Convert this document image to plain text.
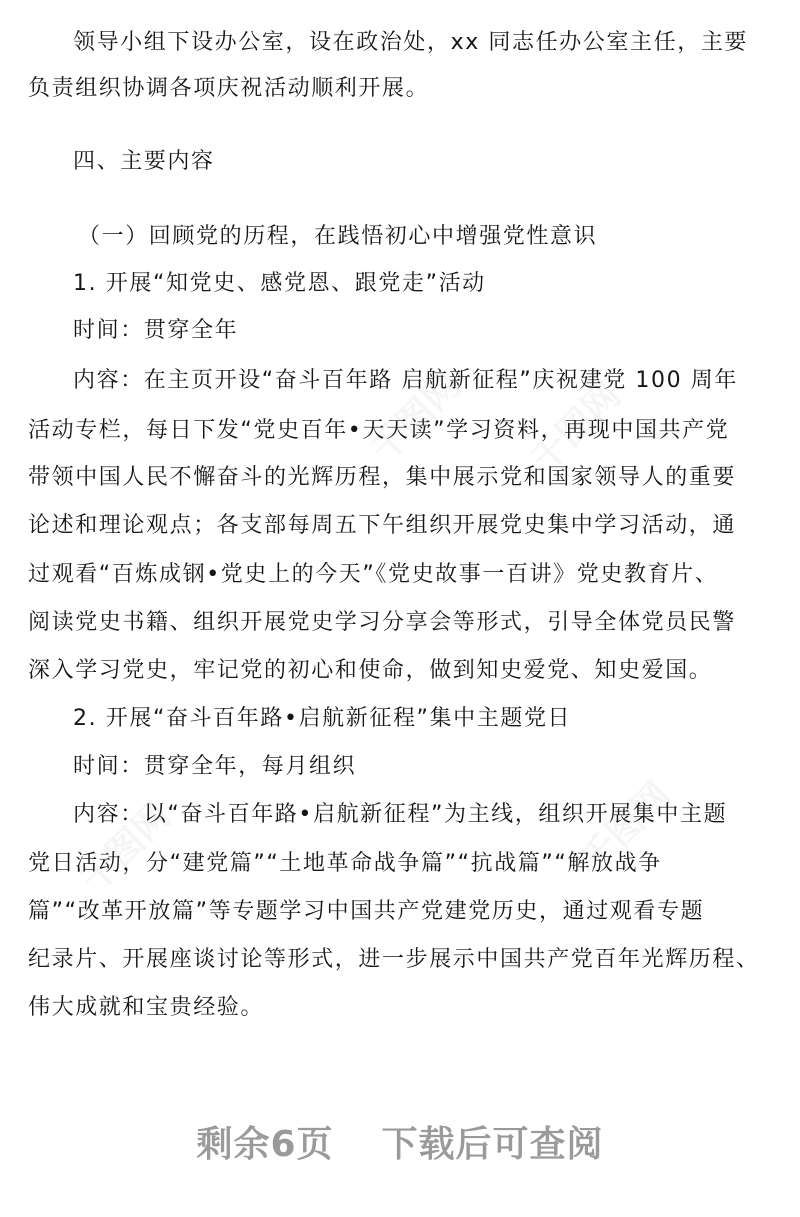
领导小组下设办公室，设在政治处，xx 同志任办公室主任，主要
负责组织协调各项庆祝活动顺利开展。
四、主要内容
（一）回顾党的历程，在践悟初心中增强党性意识
1. 开展“知党史、感党恩、跟党走”活动
时间：贯穿全年
内容：在主页开设“奋斗百年路 启航新征程”庆祝建党 100 周年
活动专栏，每日下发“党史百年•天天读”学习资料，再现中国共产党
带领中国人民不懈奋斗的光辉历程，集中展示党和国家领导人的重要
论述和理论观点；各支部每周五下午组织开展党史集中学习活动，通
过观看“百炼成钢•党史上的今天”《党史故事一百讲》党史教育片、
阅读党史书籍、组织开展党史学习分享会等形式，引导全体党员民警
深入学习党史，牢记党的初心和使命，做到知史爱党、知史爱国。
2. 开展“奋斗百年路•启航新征程”集中主题党日
时间：贯穿全年，每月组织
内容：以“奋斗百年路•启航新征程”为主线，组织开展集中主题
党日活动，分“建党篇”“土地革命战争篇”“抗战篇”“解放战争
篇”“改革开放篇”等专题学习中国共产党建党历史，通过观看专题
纪录片、开展座谈讨论等形式，进一步展示中国共产党百年光辉历程、
伟大成就和宝贵经验。
千图网
千图网 千图网
千图网
剩余6页 下载后可查阅
